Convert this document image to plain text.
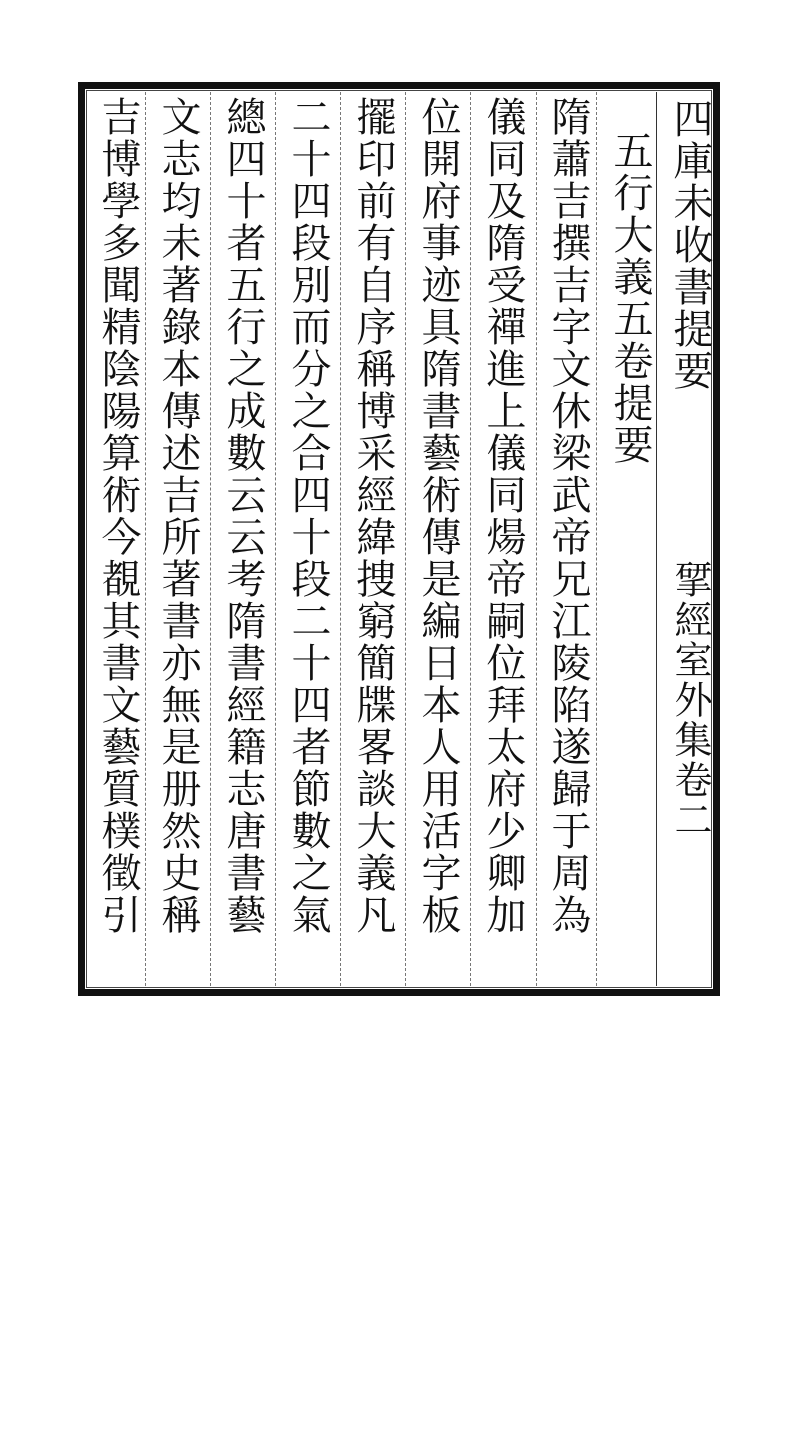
四庫未收書提要
揅經室外集卷二
五行大義五卷提要
隋蕭吉撰吉字文休梁武帝兄江陵陷遂歸于周為
儀同及隋受禪進上儀同煬帝嗣位拜太府少卿加
位開府事迹具隋書藝術傳是編日本人用活字板
擺印前有自序稱博采經緯捜窮簡牒畧談大義凡
二十四段別而分之合四十段二十四者節數之氣
總四十者五行之成數云云考隋書經籍志唐書藝
文志均未著錄本傳述吉所著書亦無是册然史稱
吉博學多聞精陰陽算術今覩其書文藝質樸徵引
